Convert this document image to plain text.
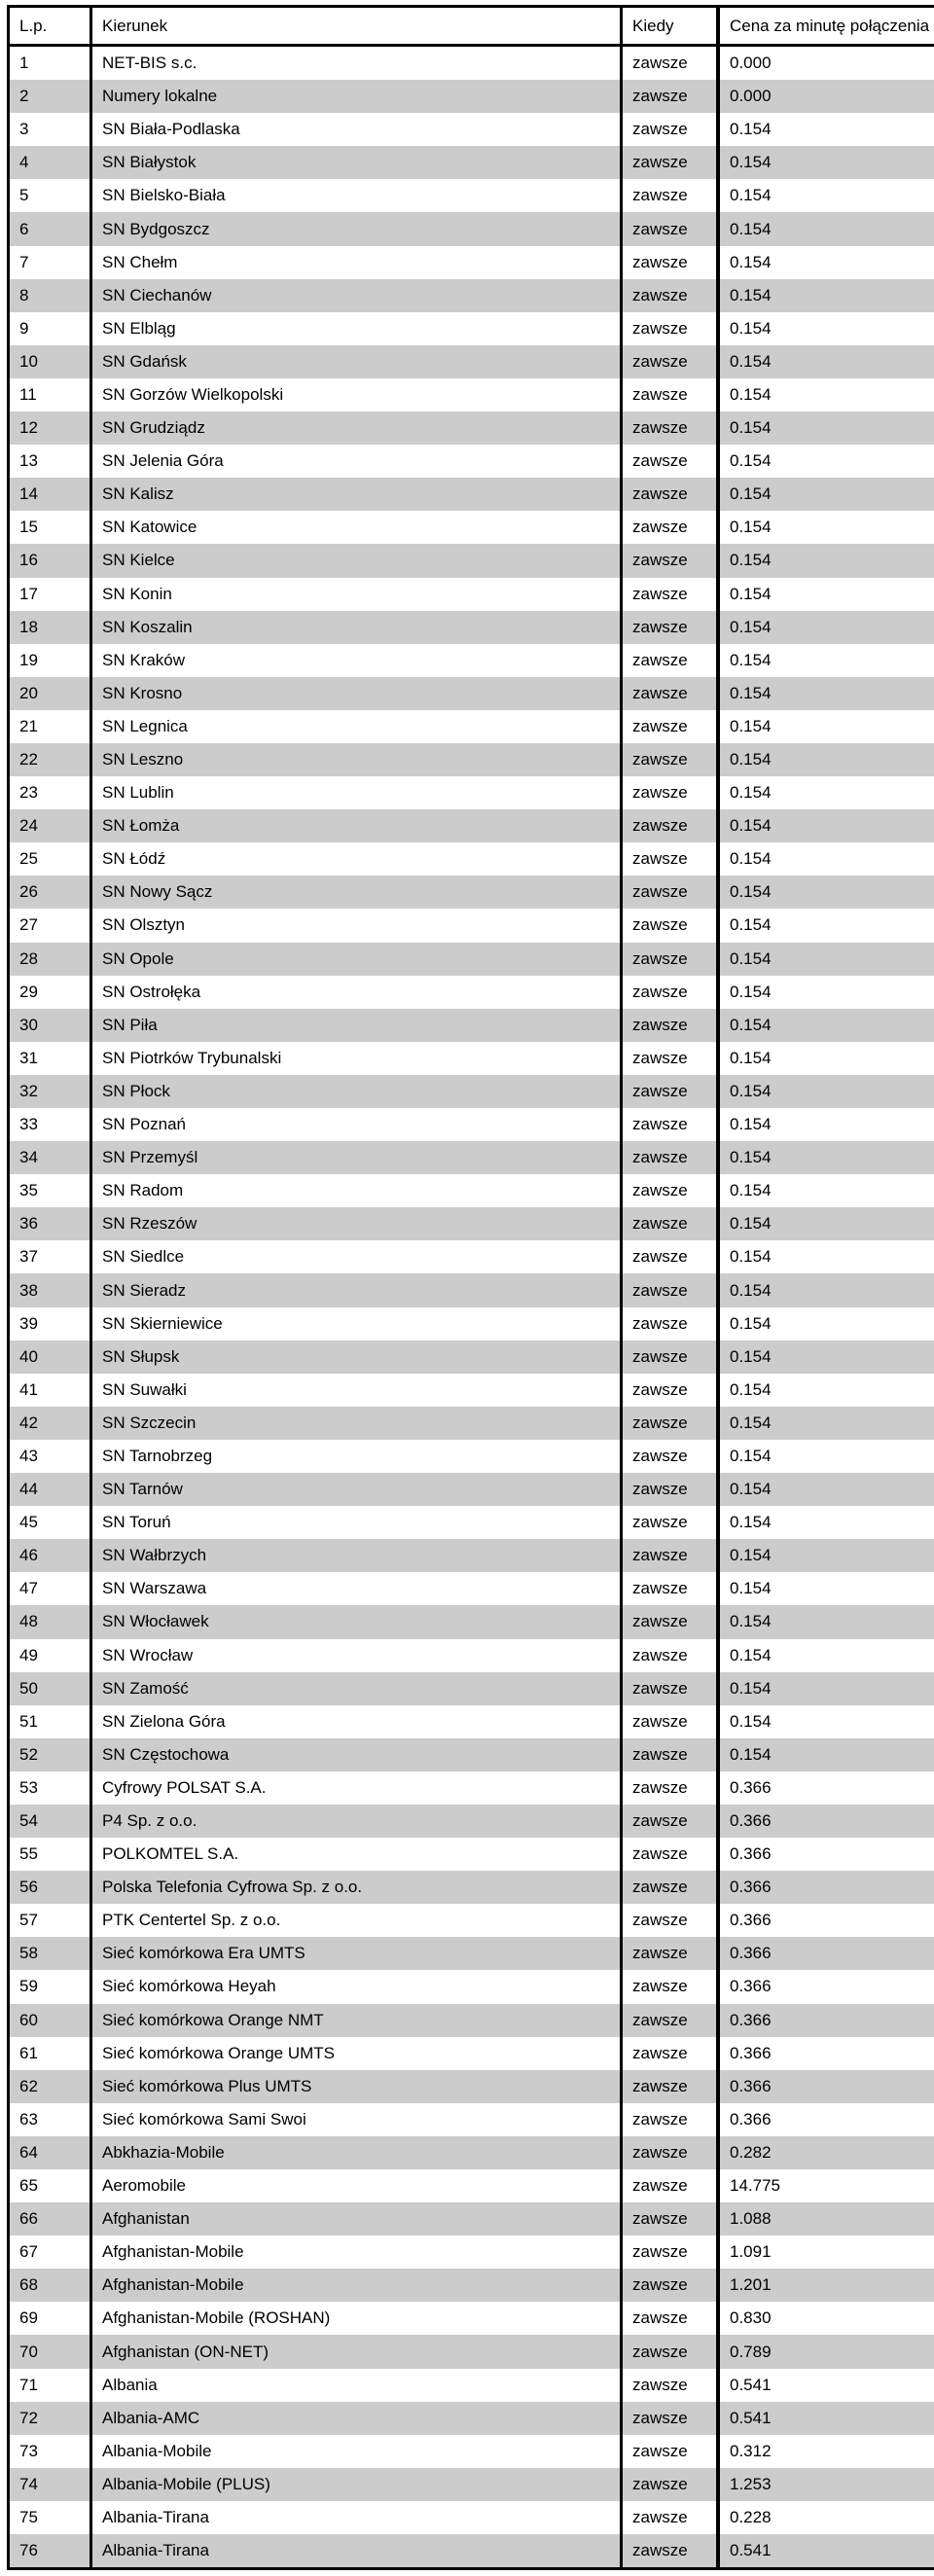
L.p.	Kierunek	Kiedy	Cena za minutę połączenia
1	NET-BIS s.c.	zawsze	0.000
2	Numery lokalne	zawsze	0.000
3	SN Biała-Podlaska	zawsze	0.154
4	SN Białystok	zawsze	0.154
5	SN Bielsko-Biała	zawsze	0.154
6	SN Bydgoszcz	zawsze	0.154
7	SN Chełm	zawsze	0.154
8	SN Ciechanów	zawsze	0.154
9	SN Elbląg	zawsze	0.154
10	SN Gdańsk	zawsze	0.154
11	SN Gorzów Wielkopolski	zawsze	0.154
12	SN Grudziądz	zawsze	0.154
13	SN Jelenia Góra	zawsze	0.154
14	SN Kalisz	zawsze	0.154
15	SN Katowice	zawsze	0.154
16	SN Kielce	zawsze	0.154
17	SN Konin	zawsze	0.154
18	SN Koszalin	zawsze	0.154
19	SN Kraków	zawsze	0.154
20	SN Krosno	zawsze	0.154
21	SN Legnica	zawsze	0.154
22	SN Leszno	zawsze	0.154
23	SN Lublin	zawsze	0.154
24	SN Łomża	zawsze	0.154
25	SN Łódź	zawsze	0.154
26	SN Nowy Sącz	zawsze	0.154
27	SN Olsztyn	zawsze	0.154
28	SN Opole	zawsze	0.154
29	SN Ostrołęka	zawsze	0.154
30	SN Piła	zawsze	0.154
31	SN Piotrków Trybunalski	zawsze	0.154
32	SN Płock	zawsze	0.154
33	SN Poznań	zawsze	0.154
34	SN Przemyśl	zawsze	0.154
35	SN Radom	zawsze	0.154
36	SN Rzeszów	zawsze	0.154
37	SN Siedlce	zawsze	0.154
38	SN Sieradz	zawsze	0.154
39	SN Skierniewice	zawsze	0.154
40	SN Słupsk	zawsze	0.154
41	SN Suwałki	zawsze	0.154
42	SN Szczecin	zawsze	0.154
43	SN Tarnobrzeg	zawsze	0.154
44	SN Tarnów	zawsze	0.154
45	SN Toruń	zawsze	0.154
46	SN Wałbrzych	zawsze	0.154
47	SN Warszawa	zawsze	0.154
48	SN Włocławek	zawsze	0.154
49	SN Wrocław	zawsze	0.154
50	SN Zamość	zawsze	0.154
51	SN Zielona Góra	zawsze	0.154
52	SN Częstochowa	zawsze	0.154
53	Cyfrowy POLSAT S.A.	zawsze	0.366
54	P4 Sp. z o.o.	zawsze	0.366
55	POLKOMTEL S.A.	zawsze	0.366
56	Polska Telefonia Cyfrowa Sp. z o.o.	zawsze	0.366
57	PTK Centertel Sp. z o.o.	zawsze	0.366
58	Sieć komórkowa Era UMTS	zawsze	0.366
59	Sieć komórkowa Heyah	zawsze	0.366
60	Sieć komórkowa Orange NMT	zawsze	0.366
61	Sieć komórkowa Orange UMTS	zawsze	0.366
62	Sieć komórkowa Plus UMTS	zawsze	0.366
63	Sieć komórkowa Sami Swoi	zawsze	0.366
64	Abkhazia-Mobile	zawsze	0.282
65	Aeromobile	zawsze	14.775
66	Afghanistan	zawsze	1.088
67	Afghanistan-Mobile	zawsze	1.091
68	Afghanistan-Mobile	zawsze	1.201
69	Afghanistan-Mobile (ROSHAN)	zawsze	0.830
70	Afghanistan (ON-NET)	zawsze	0.789
71	Albania	zawsze	0.541
72	Albania-AMC	zawsze	0.541
73	Albania-Mobile	zawsze	0.312
74	Albania-Mobile (PLUS)	zawsze	1.253
75	Albania-Tirana	zawsze	0.228
76	Albania-Tirana	zawsze	0.541
